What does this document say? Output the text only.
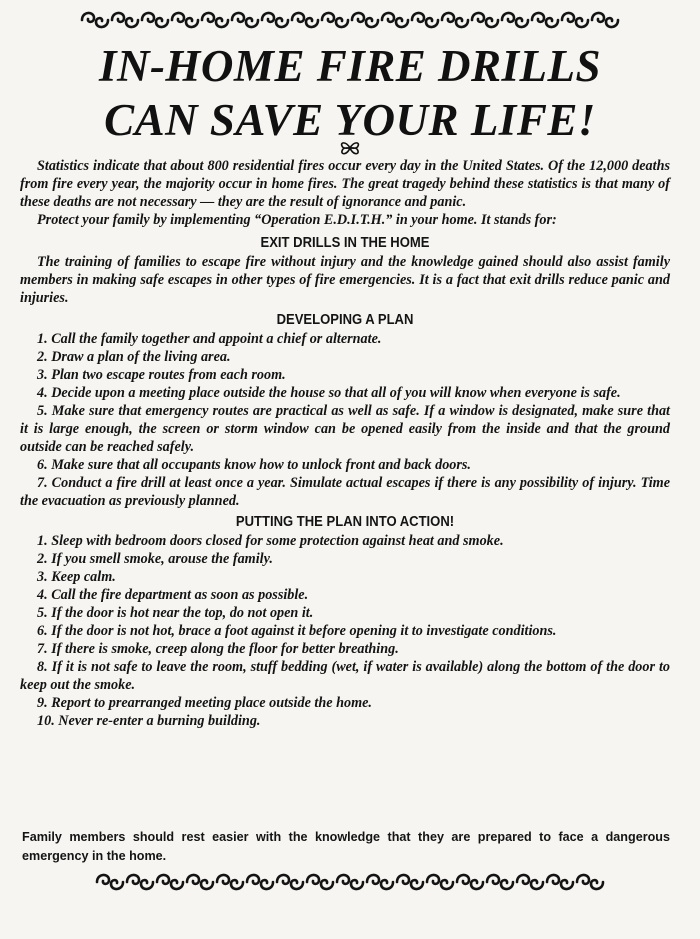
IN-HOME FIRE DRILLS
CAN SAVE YOUR LIFE!

Statistics indicate that about 800 residential fires occur every day in the United States. Of the 12,000 deaths from fire every year, the majority occur in home fires. The great tragedy behind these statistics is that many of these deaths are not necessary — they are the result of ignorance and panic.

Protect your family by implementing “Operation E.D.I.T.H.” in your home. It stands for:

EXIT DRILLS IN THE HOME

The training of families to escape fire without injury and the knowledge gained should also assist family members in making safe escapes in other types of fire emergencies. It is a fact that exit drills reduce panic and injuries.

DEVELOPING A PLAN
1. Call the family together and appoint a chief or alternate.
2. Draw a plan of the living area.
3. Plan two escape routes from each room.
4. Decide upon a meeting place outside the house so that all of you will know when everyone is safe.
5. Make sure that emergency routes are practical as well as safe. If a window is designated, make sure that it is large enough, the screen or storm window can be opened easily from the inside and that the ground outside can be reached safely.
6. Make sure that all occupants know how to unlock front and back doors.
7. Conduct a fire drill at least once a year. Simulate actual escapes if there is any possibility of injury. Time the evacuation as previously planned.
PUTTING THE PLAN INTO ACTION!
1. Sleep with bedroom doors closed for some protection against heat and smoke.
2. If you smell smoke, arouse the family.
3. Keep calm.
4. Call the fire department as soon as possible.
5. If the door is hot near the top, do not open it.
6. If the door is not hot, brace a foot against it before opening it to investigate conditions.
7. If there is smoke, creep along the floor for better breathing.
8. If it is not safe to leave the room, stuff bedding (wet, if water is available) along the bottom of the door to keep out the smoke.
9. Report to prearranged meeting place outside the home.
10. Never re-enter a burning building.
Family members should rest easier with the knowledge that they are prepared to face a dangerous emergency in the home.
